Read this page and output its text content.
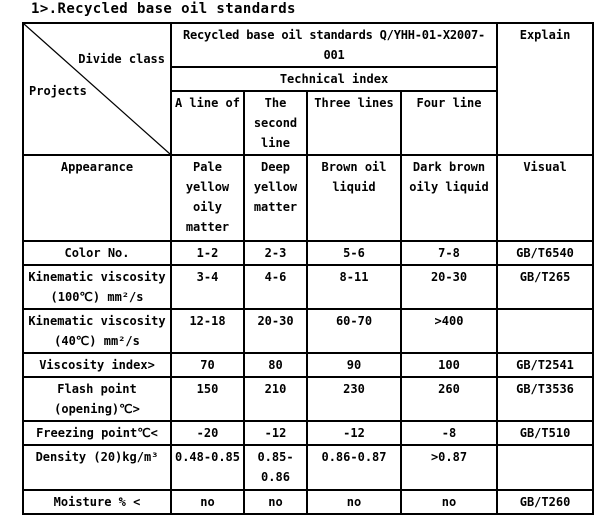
1>.Recycled base oil standards
Divide class
Projects	Recycled base oil standards Q/YHH-01-X2007-001				Explain
	Technical index				
	A line of	The second line	Three lines	Four line	
Appearance	Pale yellow oily matter	Deep yellow matter	Brown oil liquid	Dark brown oily liquid	Visual
Color No.	1-2	2-3	5-6	7-8	GB/T6540
Kinematic viscosity (100℃) mm²/s	3-4	4-6	8-11	20-30	GB/T265
Kinematic viscosity (40℃) mm²/s	12-18	20-30	60-70	>400	
Viscosity index>	70	80	90	100	GB/T2541
Flash point (opening)℃>	150	210	230	260	GB/T3536
Freezing point℃<	-20	-12	-12	-8	GB/T510
Density (20)kg/m³	0.48-0.85	0.85-0.86	0.86-0.87	>0.87	
Moisture % <	no	no	no	no	GB/T260
